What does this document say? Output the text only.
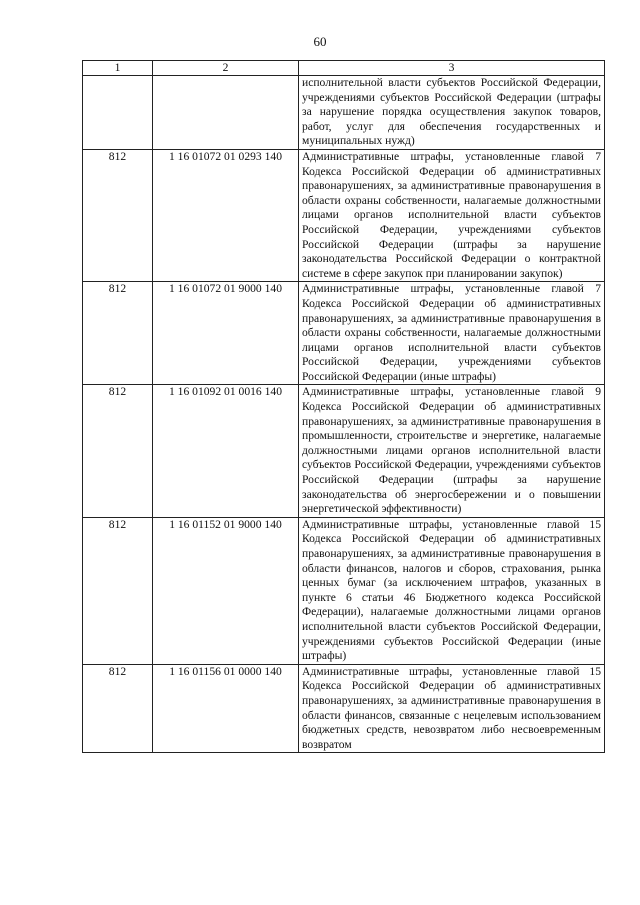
60
1	2	3
		исполнительной власти субъектов Российской Федерации, учреждениями субъектов Российской Федерации (штрафы за нарушение порядка осуществления закупок товаров, работ, услуг для обеспечения государственных и муниципальных нужд)
812	1 16 01072 01 0293 140	Административные штрафы, установленные главой 7 Кодекса Российской Федерации об административных правонарушениях, за административные правонарушения в области охраны собственности, налагаемые должностными лицами органов исполнительной власти субъектов Российской Федерации, учреждениями субъектов Российской Федерации (штрафы за нарушение законодательства Российской Федерации о контрактной системе в сфере закупок при планировании закупок)
812	1 16 01072 01 9000 140	Административные штрафы, установленные главой 7 Кодекса Российской Федерации об административных правонарушениях, за административные правонарушения в области охраны собственности, налагаемые должностными лицами органов исполнительной власти субъектов Российской Федерации, учреждениями субъектов Российской Федерации (иные штрафы)
812	1 16 01092 01 0016 140	Административные штрафы, установленные главой 9 Кодекса Российской Федерации об административных правонарушениях, за административные правонарушения в промышленности, строительстве и энергетике, налагаемые должностными лицами органов исполнительной власти субъектов Российской Федерации, учреждениями субъектов Российской Федерации (штрафы за нарушение законодательства об энергосбережении и о повышении энергетической эффективности)
812	1 16 01152 01 9000 140	Административные штрафы, установленные главой 15 Кодекса Российской Федерации об административных правонарушениях, за административные правонарушения в области финансов, налогов и сборов, страхования, рынка ценных бумаг (за исключением штрафов, указанных в пункте 6 статьи 46 Бюджетного кодекса Российской Федерации), налагаемые должностными лицами органов исполнительной власти субъектов Российской Федерации, учреждениями субъектов Российской Федерации (иные штрафы)
812	1 16 01156 01 0000 140	Административные штрафы, установленные главой 15 Кодекса Российской Федерации об административных правонарушениях, за административные правонарушения в области финансов, связанные с нецелевым использованием бюджетных средств, невозвратом либо несвоевременным возвратом
